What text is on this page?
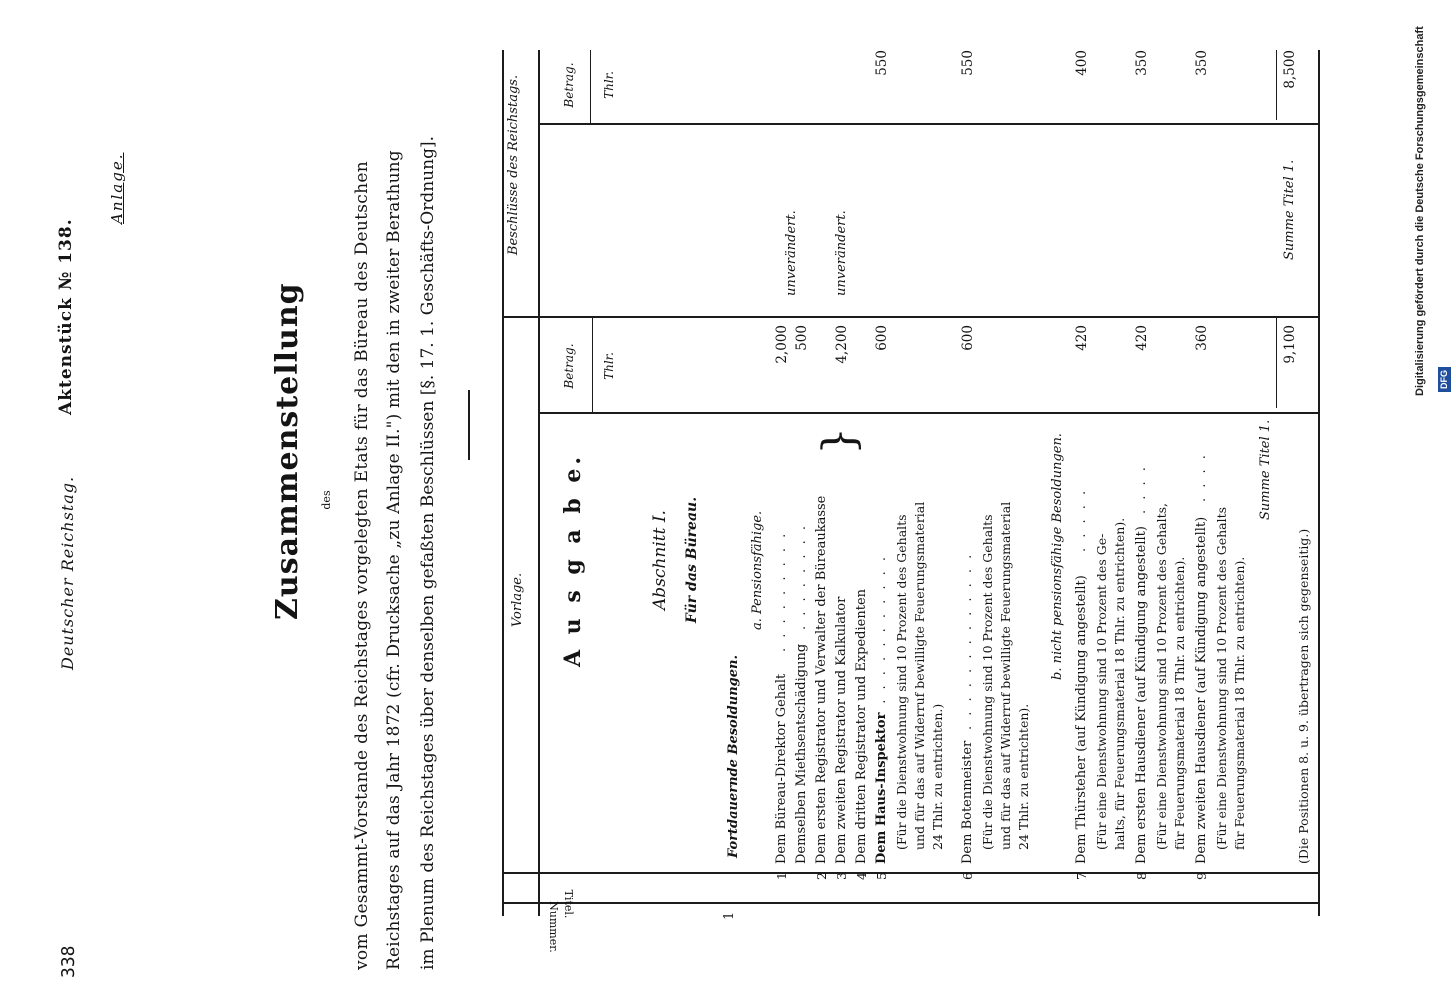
338
Deutscher Reichstag.
Aktenstück № 138.
Anlage.
Zusammenstellung des vom Gesammt-Vorstande des Reichstages vorgelegten Etats für das Büreau des Deutschen Reichstages auf das Jahr 1872 (cfr. Drucksache „zu Anlage II.") mit den in zweiter Berathung im Plenum des Reichstages über denselben gefaßten Beschlüssen [§. 17. 1. Geschäfts-Ordnung].	Titel.
Nummer.
Vorlage.
Beschlüsse des Reichstags.
Betrag. Thlr.
Betrag. Thlr.
A u s g a b e.	Abschnitt I. Für das Büreau.
1
Fortdauernde Besoldungen.
a. Pensionsfähige.
1
Dem Büreau-Direktor Gehalt
. . . . . . . . .
2,000
unverändert.
Demselben Miethsentschädigung
. . . . . . . .
500
2
Dem ersten Registrator und Verwalter der Büreaukasse
3
Dem zweiten Registrator und Kalkulator
4,200
unverändert.
}
4
Dem dritten Registrator und Expedienten
5
Dem Haus-Inspektor
. . . . . . . . . . . .
600
550
(Für die Dienstwohnung sind 10 Prozent des Gehalts und für das auf Widerruf bewilligte Feuerungsmaterial 24 Thlr. zu entrichten.)
6
Dem Botenmeister
. . . . . . . . . . . . .
600
550
(Für die Dienstwohnung sind 10 Prozent des Gehalts und für das auf Widerruf bewilligte Feuerungsmaterial 24 Thlr. zu entrichten).
b. nicht pensionsfähige Besoldungen.
7
Dem Thürsteher (auf Kündigung angestellt)
. . . . .
420
400
(Für eine Dienstwohnung sind 10 Prozent des Ge- halts, für Feuerungsmaterial 18 Thlr. zu entrichten).
8
Dem ersten Hausdiener (auf Kündigung angestellt)
. . . .
420
350
(Für eine Dienstwohnung sind 10 Prozent des Gehalts, für Feuerungsmaterial 18 Thlr. zu entrichten).
9
Dem zweiten Hausdiener (auf Kündigung angestellt)
. . . .
360
350
(Für eine Dienstwohnung sind 10 Prozent des Gehalts für Feuerungsmaterial 18 Thlr. zu entrichten).
Summe Titel 1.
9,100
Summe Titel 1.
8,500
(Die Positionen 8. u. 9. übertragen sich gegenseitig.)
Digitalisierung gefördert durch die Deutsche Forschungsgemeinschaft DFG
